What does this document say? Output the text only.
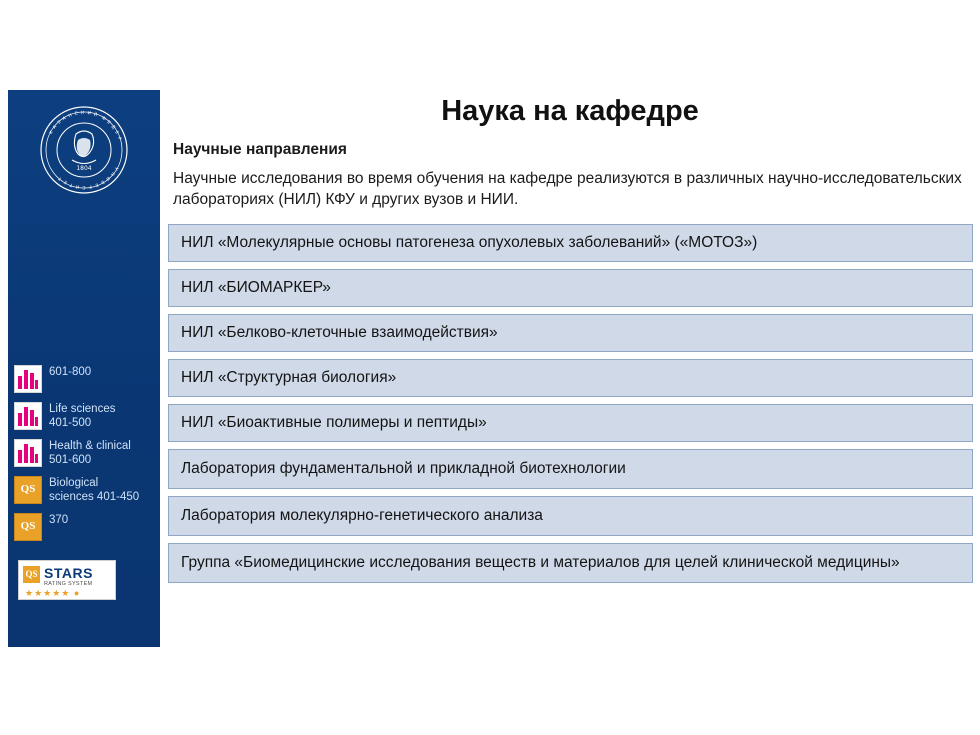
1804
К
А
З
А Н С К И Й
Ф
Е
Д
Е
Р
У
Н
И
В
Е
Р
С
И
Т
Е
Т
601-800
Life sciences
401-500
Health & clinical
501-600
QS	Biological
sciences 401-450
QS	370
QS STARS
RATING SYSTEM
★★★★★ ●
Наука на кафедре
Научные направления
Научные исследования во время обучения на кафедре реализуются в различных научно-исследовательских лабораториях (НИЛ) КФУ и других вузов и НИИ.
НИЛ «Молекулярные основы патогенеза опухолевых заболеваний» («МОТОЗ»)
НИЛ «БИОМАРКЕР»
НИЛ «Белково-клеточные взаимодействия»
НИЛ «Структурная биология»
НИЛ «Биоактивные полимеры и пептиды»
Лаборатория фундаментальной и прикладной биотехнологии
Лаборатория молекулярно-генетического анализа
Группа «Биомедицинские исследования веществ и материалов для целей клинической медицины»
